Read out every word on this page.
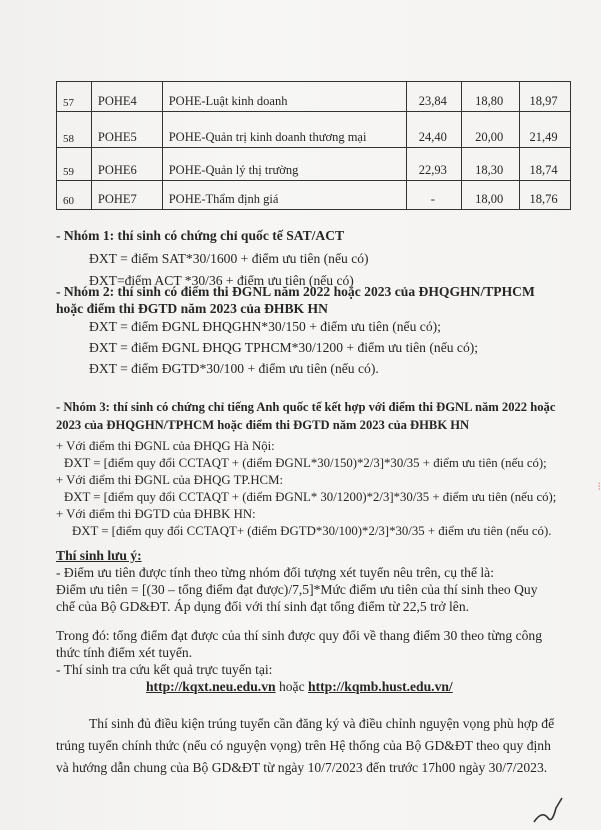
57	POHE4	POHE-Luật kinh doanh	23,84	18,80	18,97
58	POHE5	POHE-Quản trị kinh doanh thương mại	24,40	20,00	21,49
59	POHE6	POHE-Quản lý thị trường	22,93	18,30	18,74
60	POHE7	POHE-Thẩm định giá	-	18,00	18,76
- Nhóm 1: thí sinh có chứng chỉ quốc tế SAT/ACT
ĐXT = điểm SAT*30/1600 + điểm ưu tiên (nếu có)
ĐXT=điểm ACT *30/36 + điểm ưu tiên (nếu có)
- Nhóm 2: thí sinh có điểm thi ĐGNL năm 2022 hoặc 2023 của ĐHQGHN/TPHCM
hoặc điểm thi ĐGTD năm 2023 của ĐHBK HN
ĐXT = điểm ĐGNL ĐHQGHN*30/150 + điểm ưu tiên (nếu có);
ĐXT = điểm ĐGNL ĐHQG TPHCM*30/1200 + điểm ưu tiên (nếu có);
ĐXT = điểm ĐGTD*30/100 + điểm ưu tiên (nếu có).
- Nhóm 3: thí sinh có chứng chỉ tiếng Anh quốc tế kết hợp với điểm thi ĐGNL năm 2022 hoặc
2023 của ĐHQGHN/TPHCM hoặc điểm thi ĐGTD năm 2023 của ĐHBK HN
+ Với điểm thi ĐGNL của ĐHQG Hà Nội:
ĐXT = [điểm quy đổi CCTAQT + (điểm ĐGNL*30/150)*2/3]*30/35 + điểm ưu tiên (nếu có);
+ Với điểm thi ĐGNL của ĐHQG TP.HCM:
ĐXT = [điểm quy đổi CCTAQT + (điểm ĐGNL* 30/1200)*2/3]*30/35 + điểm ưu tiên (nếu có);
+ Với điểm thi ĐGTD của ĐHBK HN:
ĐXT = [điểm quy đổi CCTAQT+ (điểm ĐGTD*30/100)*2/3]*30/35 + điểm ưu tiên (nếu có).
Thí sinh lưu ý:
- Điểm ưu tiên được tính theo từng nhóm đối tượng xét tuyển nêu trên, cụ thể là:
Điểm ưu tiên = [(30 – tổng điểm đạt được)/7,5]*Mức điểm ưu tiên của thí sinh theo Quy
chế của Bộ GD&ĐT. Áp dụng đối với thí sinh đạt tổng điểm từ 22,5 trở lên.
Trong đó: tổng điểm đạt được của thí sinh được quy đổi về thang điểm 30 theo từng công
thức tính điểm xét tuyển.
- Thí sinh tra cứu kết quả trực tuyến tại:
http://kqxt.neu.edu.vn hoặc http://kqmb.hust.edu.vn/
Thí sinh đủ điều kiện trúng tuyển cần đăng ký và điều chỉnh nguyện vọng phù hợp để
trúng tuyển chính thức (nếu có nguyện vọng) trên Hệ thống của Bộ GD&ĐT theo quy định
và hướng dẫn chung của Bộ GD&ĐT từ ngày 10/7/2023 đến trước 17h00 ngày 30/7/2023.
⁝
